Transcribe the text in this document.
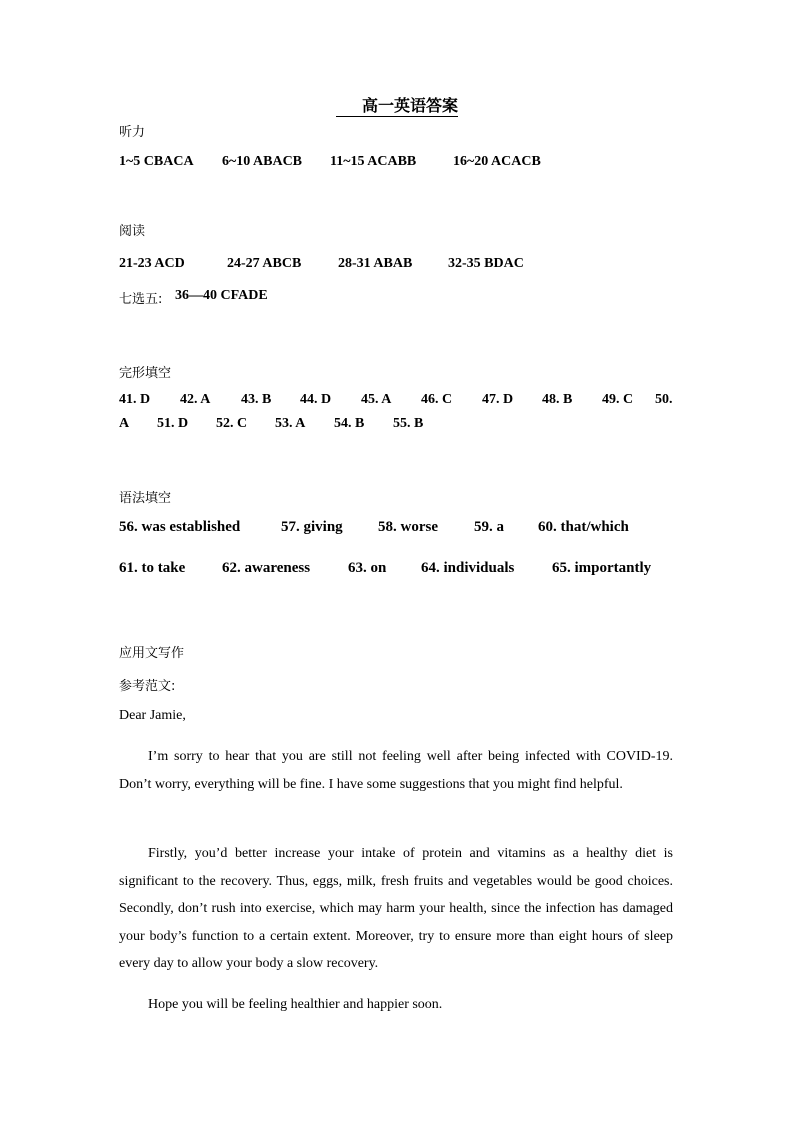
高一英语答案
听力
1~5 CBACA 6~10 ABACB 11~15 ACABB	16~20 ACACB
阅读
21-23 ACD	24-27 ABCB	28-31 ABAB	32-35 BDAC
七选五: 36—40 CFADE
完形填空
41. D 42. A 43. B 44. D 45. A 46. C 47. D 48. B 49. C 50.
A 51. D 52. C 53. A 54. B 55. B
语法填空
56. was established	57. giving 58. worse 59. a 60. that/which
61. to take 62. awareness	63. on 64. individuals	65. importantly
应用文写作
参考范文:
Dear Jamie,
I’m sorry to hear that you are still not feeling well after being infected with COVID-19. Don’t worry, everything will be fine. I have some suggestions that you might find helpful.
Firstly, you’d better increase your intake of protein and vitamins as a healthy diet is significant to the recovery. Thus, eggs, milk, fresh fruits and vegetables would be good choices. Secondly, don’t rush into exercise, which may harm your health, since the infection has damaged your body’s function to a certain extent. Moreover, try to ensure more than eight hours of sleep every day to allow your body a slow recovery.
Hope you will be feeling healthier and happier soon.
